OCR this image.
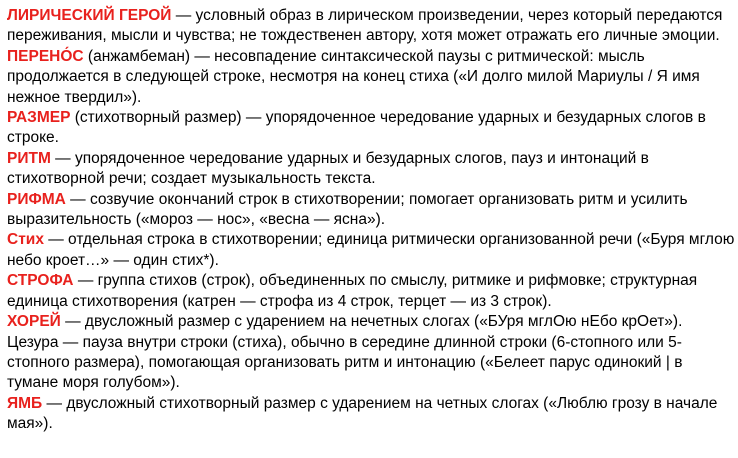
ЛИРИЧЕСКИЙ ГЕРОЙ — условный образ в лирическом произведении, через который передаются переживания, мысли и чувства; не тождественен автору, хотя может отражать его личные эмоции.

ПЕРЕНО́С (анжамбеман) — несовпадение синтаксической паузы с ритмической: мысль продолжается в следующей строке, несмотря на конец стиха («И долго милой Мариулы / Я имя нежное твердил»).

РАЗМЕР (стихотворный размер) — упорядоченное чередование ударных и безударных слогов в строке.

РИТМ — упорядоченное чередование ударных и безударных слогов, пауз и интонаций в стихотворной речи; создает музыкальность текста.

РИФМА — созвучие окончаний строк в стихотворении; помогает организовать ритм и усилить выразительность («мороз — нос», «весна — ясна»).

Стих — отдельная строка в стихотворении; единица ритмически организованной речи («Буря мглою небо кроет…» — один стих*).

СТРОФА — группа стихов (строк), объединенных по смыслу, ритмике и рифмовке; структурная единица стихотворения (катрен — строфа из 4 строк, терцет — из 3 строк).

ХОРЕЙ — двусложный размер с ударением на нечетных слогах («БУря мглОю нЕбо крОет»).

Цезура — пауза внутри строки (стиха), обычно в середине длинной строки (6-стопного или 5-стопного размера), помогающая организовать ритм и интонацию («Белеет парус одинокий | в тумане моря голубом»).

ЯМБ — двусложный стихотворный размер с ударением на четных слогах («Люблю грозу в начале мая»).
